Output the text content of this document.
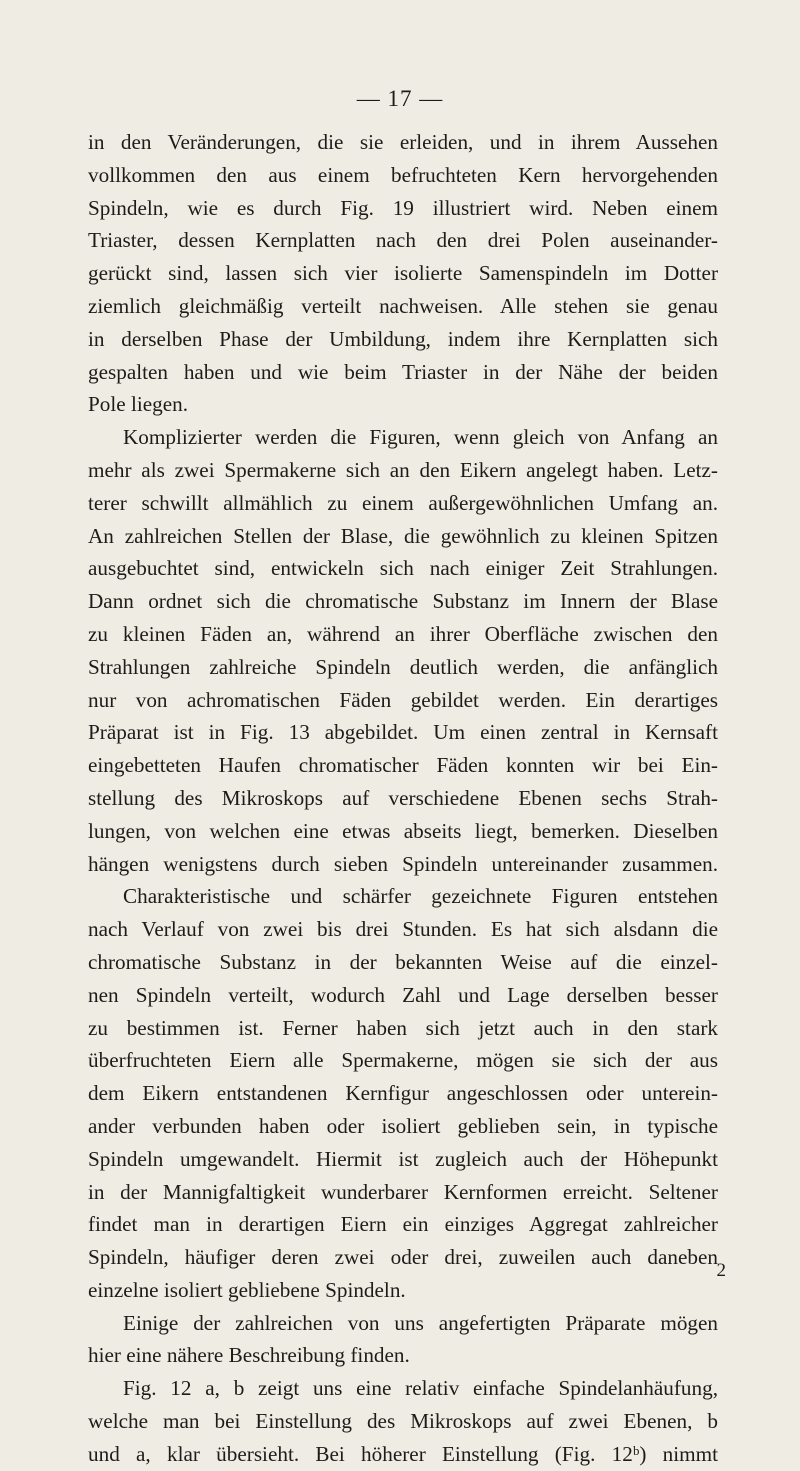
— 17 —
in den Veränderungen, die sie erleiden, und in ihrem Aussehen
vollkommen den aus einem befruchteten Kern hervorgehenden
Spindeln, wie es durch Fig. 19 illustriert wird. Neben einem
Triaster, dessen Kernplatten nach den drei Polen auseinander-
gerückt sind, lassen sich vier isolierte Samenspindeln im Dotter
ziemlich gleichmäßig verteilt nachweisen. Alle stehen sie genau
in derselben Phase der Umbildung, indem ihre Kernplatten sich
gespalten haben und wie beim Triaster in der Nähe der beiden
Pole liegen.
Komplizierter werden die Figuren, wenn gleich von Anfang an
mehr als zwei Spermakerne sich an den Eikern angelegt haben. Letz-
terer schwillt allmählich zu einem außergewöhnlichen Umfang an.
An zahlreichen Stellen der Blase, die gewöhnlich zu kleinen Spitzen
ausgebuchtet sind, entwickeln sich nach einiger Zeit Strahlungen.
Dann ordnet sich die chromatische Substanz im Innern der Blase
zu kleinen Fäden an, während an ihrer Oberfläche zwischen den
Strahlungen zahlreiche Spindeln deutlich werden, die anfänglich
nur von achromatischen Fäden gebildet werden. Ein derartiges
Präparat ist in Fig. 13 abgebildet. Um einen zentral in Kernsaft
eingebetteten Haufen chromatischer Fäden konnten wir bei Ein-
stellung des Mikroskops auf verschiedene Ebenen sechs Strah-
lungen, von welchen eine etwas abseits liegt, bemerken. Dieselben
hängen wenigstens durch sieben Spindeln untereinander zusammen.
Charakteristische und schärfer gezeichnete Figuren entstehen
nach Verlauf von zwei bis drei Stunden. Es hat sich alsdann die
chromatische Substanz in der bekannten Weise auf die einzel-
nen Spindeln verteilt, wodurch Zahl und Lage derselben besser
zu bestimmen ist. Ferner haben sich jetzt auch in den stark
überfruchteten Eiern alle Spermakerne, mögen sie sich der aus
dem Eikern entstandenen Kernfigur angeschlossen oder unterein-
ander verbunden haben oder isoliert geblieben sein, in typische
Spindeln umgewandelt. Hiermit ist zugleich auch der Höhepunkt
in der Mannigfaltigkeit wunderbarer Kernformen erreicht. Seltener
findet man in derartigen Eiern ein einziges Aggregat zahlreicher
Spindeln, häufiger deren zwei oder drei, zuweilen auch daneben
einzelne isoliert gebliebene Spindeln.
Einige der zahlreichen von uns angefertigten Präparate mögen
hier eine nähere Beschreibung finden.
Fig. 12 a, b zeigt uns eine relativ einfache Spindelanhäufung,
welche man bei Einstellung des Mikroskops auf zwei Ebenen, b
und a, klar übersieht. Bei höherer Einstellung (Fig. 12ᵇ) nimmt
2
